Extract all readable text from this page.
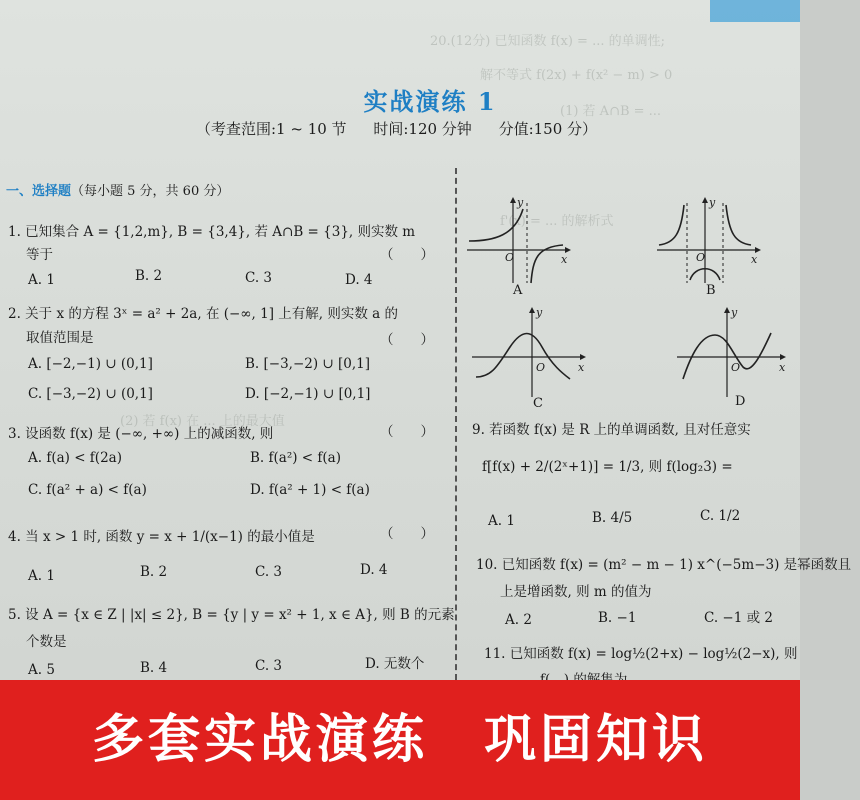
20.(12分) 已知函数 f(x) = ... 的单调性;
解不等式 f(2x) + f(x² − m) > 0
(1) 若 A∩B = ...
f'(x) = ... 的解析式
(2) 若 f(x) 在 ... 上的最大值
实战演练 1
（考查范围:1 ~ 10 节 时间:120 分钟 分值:150 分）
一、选择题（每小题 5 分，共 60 分）
1. 已知集合 A = {1,2,m}, B = {3,4}, 若 A∩B = {3}, 则实数 m
等于	（　　）
A. 1	B. 2	C. 3	D. 4
2. 关于 x 的方程 3ˣ = a² + 2a, 在 (−∞, 1] 上有解, 则实数 a 的
取值范围是	（　　）
A. [−2,−1) ∪ (0,1]	B. [−3,−2) ∪ [0,1]
C. [−3,−2) ∪ (0,1]	D. [−2,−1) ∪ [0,1]
3. 设函数 f(x) 是 (−∞, +∞) 上的减函数, 则	（　　）
A. f(a) < f(2a)	B. f(a²) < f(a)
C. f(a² + a) < f(a)	D. f(a² + 1) < f(a)
4. 当 x > 1 时, 函数 y = x + 1/(x−1) 的最小值是	（　　）
A. 1	B. 2	C. 3	D. 4
5. 设 A = {x ∈ Z | |x| ≤ 2}, B = {y | y = x² + 1, x ∈ A}, 则 B 的元素
个数是
A. 5	B. 4	C. 3	D. 无数个
O
y
x
A
O
y
x
B
O
y
x
C
O
y
x
D
9. 若函数 f(x) 是 R 上的单调函数, 且对任意实
f[f(x) + 2/(2ˣ+1)] = 1/3, 则 f(log₂3) =
A. 1	B. 4/5	C. 1/2
10. 已知函数 f(x) = (m² − m − 1) x^(−5m−3) 是幂函数且
上是增函数, 则 m 的值为
A. 2	B. −1	C. −1 或 2
11. 已知函数 f(x) = log½(2+x) − log½(2−x), 则
多套实战演练　巩固知识
